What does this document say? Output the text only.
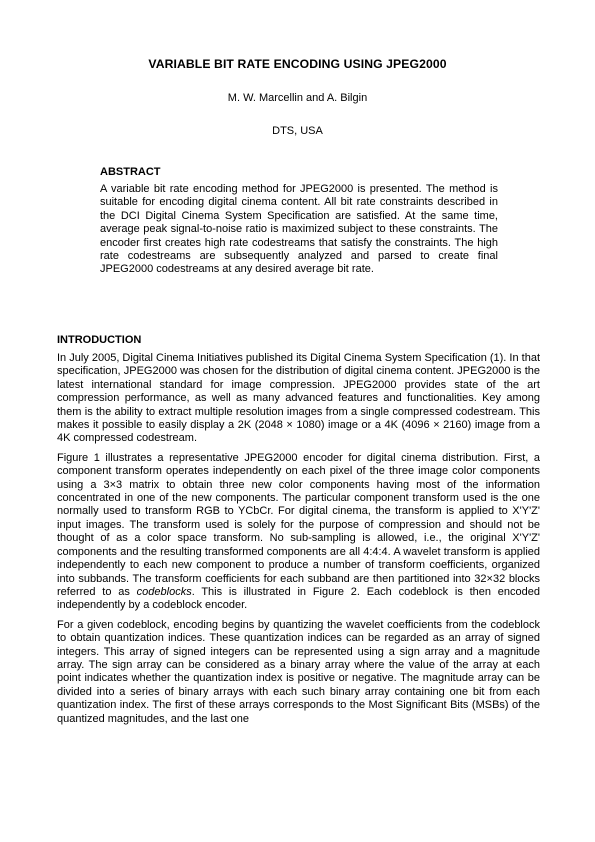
VARIABLE BIT RATE ENCODING USING JPEG2000
M. W. Marcellin and A. Bilgin
DTS, USA
ABSTRACT

A variable bit rate encoding method for JPEG2000 is presented. The method is suitable for encoding digital cinema content. All bit rate constraints described in the DCI Digital Cinema System Specification are satisfied. At the same time, average peak signal-to-noise ratio is maximized subject to these constraints. The encoder first creates high rate codestreams that satisfy the constraints. The high rate codestreams are subsequently analyzed and parsed to create final JPEG2000 codestreams at any desired average bit rate.

INTRODUCTION

In July 2005, Digital Cinema Initiatives published its Digital Cinema System Specification (1). In that specification, JPEG2000 was chosen for the distribution of digital cinema content. JPEG2000 is the latest international standard for image compression. JPEG2000 provides state of the art compression performance, as well as many advanced features and functionalities. Key among them is the ability to extract multiple resolution images from a single compressed codestream. This makes it possible to easily display a 2K (2048 × 1080) image or a 4K (4096 × 2160) image from a 4K compressed codestream.

Figure 1 illustrates a representative JPEG2000 encoder for digital cinema distribution. First, a component transform operates independently on each pixel of the three image color components using a 3×3 matrix to obtain three new color components having most of the information concentrated in one of the new components. The particular component transform used is the one normally used to transform RGB to YCbCr. For digital cinema, the transform is applied to X'Y'Z' input images. The transform used is solely for the purpose of compression and should not be thought of as a color space transform. No sub-sampling is allowed, i.e., the original X'Y'Z' components and the resulting transformed components are all 4:4:4. A wavelet transform is applied independently to each new component to produce a number of transform coefficients, organized into subbands. The transform coefficients for each subband are then partitioned into 32×32 blocks referred to as codeblocks. This is illustrated in Figure 2. Each codeblock is then encoded independently by a codeblock encoder.

For a given codeblock, encoding begins by quantizing the wavelet coefficients from the codeblock to obtain quantization indices. These quantization indices can be regarded as an array of signed integers. This array of signed integers can be represented using a sign array and a magnitude array. The sign array can be considered as a binary array where the value of the array at each point indicates whether the quantization index is positive or negative. The magnitude array can be divided into a series of binary arrays with each such binary array containing one bit from each quantization index. The first of these arrays corresponds to the Most Significant Bits (MSBs) of the quantized magnitudes, and the last one
